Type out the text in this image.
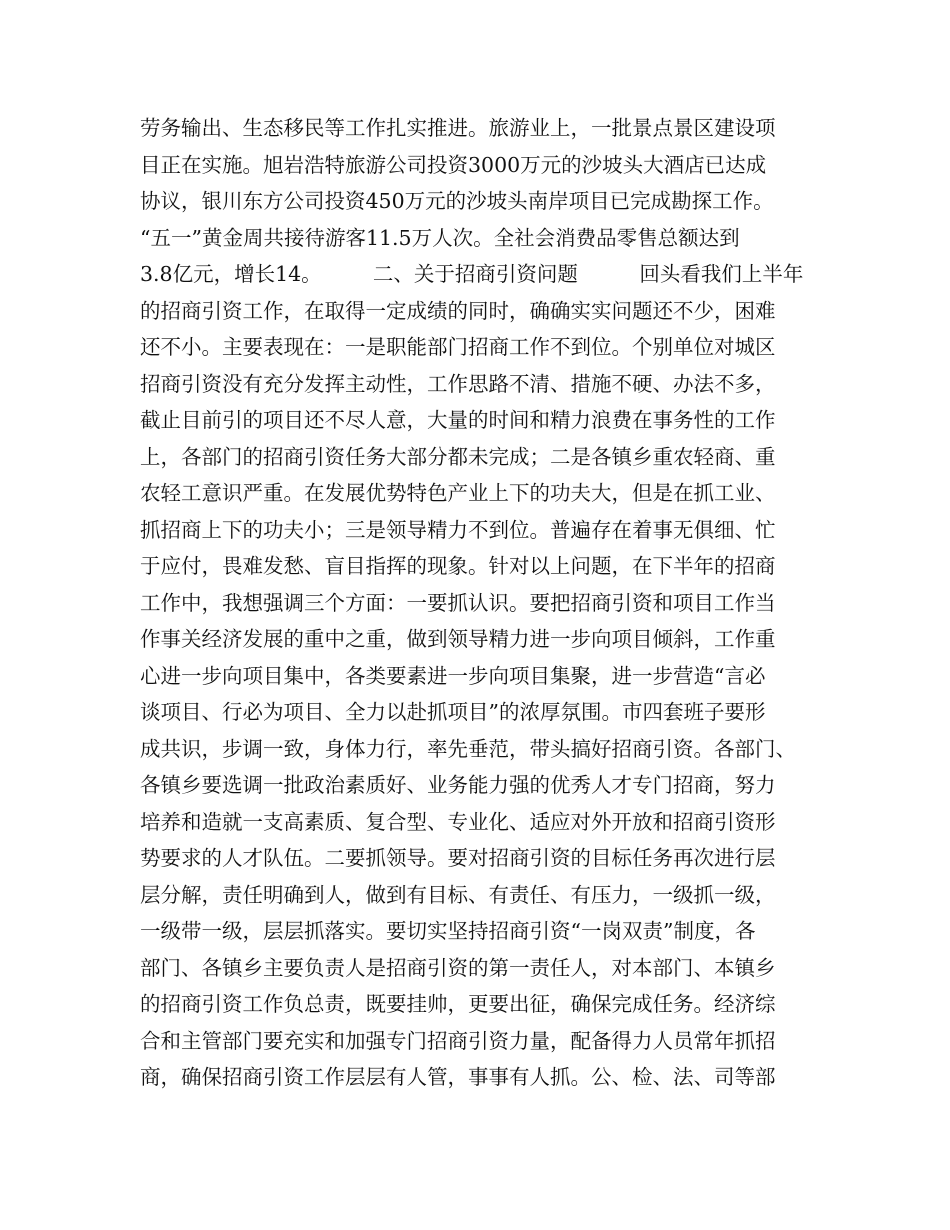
劳务输出、生态移民等工作扎实推进。旅游业上，一批景点景区建设项
目正在实施。旭岩浩特旅游公司投资3000万元的沙坡头大酒店已达成
协议，银川东方公司投资450万元的沙坡头南岸项目已完成勘探工作。
“五一”黄金周共接待游客11.5万人次。全社会消费品零售总额达到
3.8亿元，增长14。　　　二、关于招商引资问题　　　回头看我们上半年
的招商引资工作，在取得一定成绩的同时，确确实实问题还不少，困难
还不小。主要表现在：一是职能部门招商工作不到位。个别单位对城区
招商引资没有充分发挥主动性，工作思路不清、措施不硬、办法不多，
截止目前引的项目还不尽人意，大量的时间和精力浪费在事务性的工作
上，各部门的招商引资任务大部分都未完成；二是各镇乡重农轻商、重
农轻工意识严重。在发展优势特色产业上下的功夫大，但是在抓工业、
抓招商上下的功夫小；三是领导精力不到位。普遍存在着事无俱细、忙
于应付，畏难发愁、盲目指挥的现象。针对以上问题，在下半年的招商
工作中，我想强调三个方面：一要抓认识。要把招商引资和项目工作当
作事关经济发展的重中之重，做到领导精力进一步向项目倾斜，工作重
心进一步向项目集中，各类要素进一步向项目集聚，进一步营造“言必
谈项目、行必为项目、全力以赴抓项目”的浓厚氛围。市四套班子要形
成共识，步调一致，身体力行，率先垂范，带头搞好招商引资。各部门、
各镇乡要选调一批政治素质好、业务能力强的优秀人才专门招商，努力
培养和造就一支高素质、复合型、专业化、适应对外开放和招商引资形
势要求的人才队伍。二要抓领导。要对招商引资的目标任务再次进行层
层分解，责任明确到人，做到有目标、有责任、有压力，一级抓一级，
一级带一级，层层抓落实。要切实坚持招商引资“一岗双责”制度，各
部门、各镇乡主要负责人是招商引资的第一责任人，对本部门、本镇乡
的招商引资工作负总责，既要挂帅，更要出征，确保完成任务。经济综
合和主管部门要充实和加强专门招商引资力量，配备得力人员常年抓招
商，确保招商引资工作层层有人管，事事有人抓。公、检、法、司等部
